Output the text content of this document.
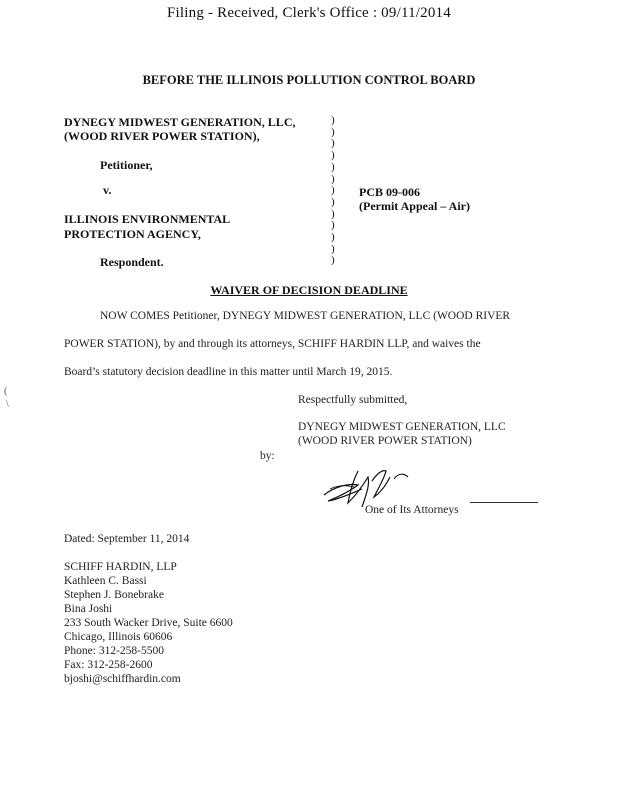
Filing - Received, Clerk's Office : 09/11/2014
BEFORE THE ILLINOIS POLLUTION CONTROL BOARD
DYNEGY MIDWEST GENERATION, LLC,
(WOOD RIVER POWER STATION),
Petitioner,
v.
ILLINOIS ENVIRONMENTAL
PROTECTION AGENCY,
Respondent.
)
)
)
)
)
)
)
)
)
)
)
)
)
PCB 09-006
(Permit Appeal – Air)
WAIVER OF DECISION DEADLINE
NOW COMES Petitioner, DYNEGY MIDWEST GENERATION, LLC (WOOD RIVER
POWER STATION), by and through its attorneys, SCHIFF HARDIN LLP, and waives the
Board’s statutory decision deadline in this matter until March 19, 2015.
(
\	Respectfully submitted,
DYNEGY MIDWEST GENERATION, LLC
(WOOD RIVER POWER STATION)
by:
One of Its Attorneys
Dated: September 11, 2014
SCHIFF HARDIN, LLP
Kathleen C. Bassi
Stephen J. Bonebrake
Bina Joshi
233 South Wacker Drive, Suite 6600
Chicago, Illinois 60606
Phone: 312-258-5500
Fax: 312-258-2600
bjoshi@schiffhardin.com
